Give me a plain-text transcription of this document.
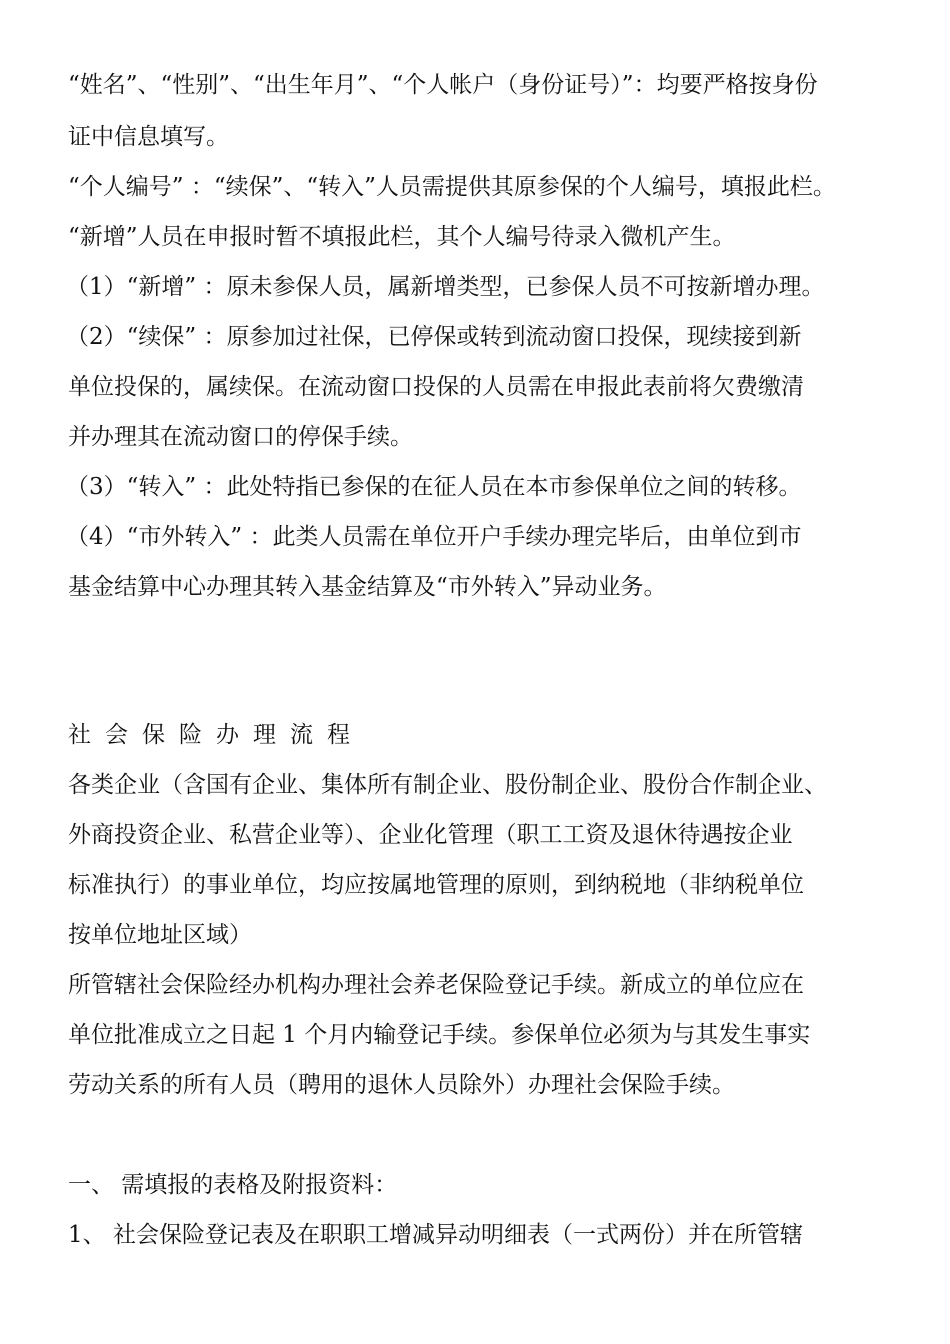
“姓名”、“性别”、“出生年月”、“个人帐户（身份证号）”：均要严格按身份
证中信息填写。
“个人编号” ：“续保”、“转入”人员需提供其原参保的个人编号，填报此栏。
“新增”人员在申报时暂不填报此栏，其个人编号待录入微机产生。
（1）“新增” ：原未参保人员，属新增类型，已参保人员不可按新增办理。
（2）“续保” ：原参加过社保，已停保或转到流动窗口投保，现续接到新
单位投保的，属续保。在流动窗口投保的人员需在申报此表前将欠费缴清
并办理其在流动窗口的停保手续。
（3）“转入” ：此处特指已参保的在征人员在本市参保单位之间的转移。
（4）“市外转入” ：此类人员需在单位开户手续办理完毕后，由单位到市
基金结算中心办理其转入基金结算及“市外转入”异动业务。
社会保险办理流程
各类企业（含国有企业、集体所有制企业、股份制企业、股份合作制企业、
外商投资企业、私营企业等）、企业化管理（职工工资及退休待遇按企业
标准执行）的事业单位，均应按属地管理的原则，到纳税地（非纳税单位
按单位地址区域）
所管辖社会保险经办机构办理社会养老保险登记手续。新成立的单位应在
单位批准成立之日起 1 个月内输登记手续。参保单位必须为与其发生事实
劳动关系的所有人员（聘用的退休人员除外）办理社会保险手续。
一、 需填报的表格及附报资料：
1、 社会保险登记表及在职职工增减异动明细表（一式两份）并在所管辖
